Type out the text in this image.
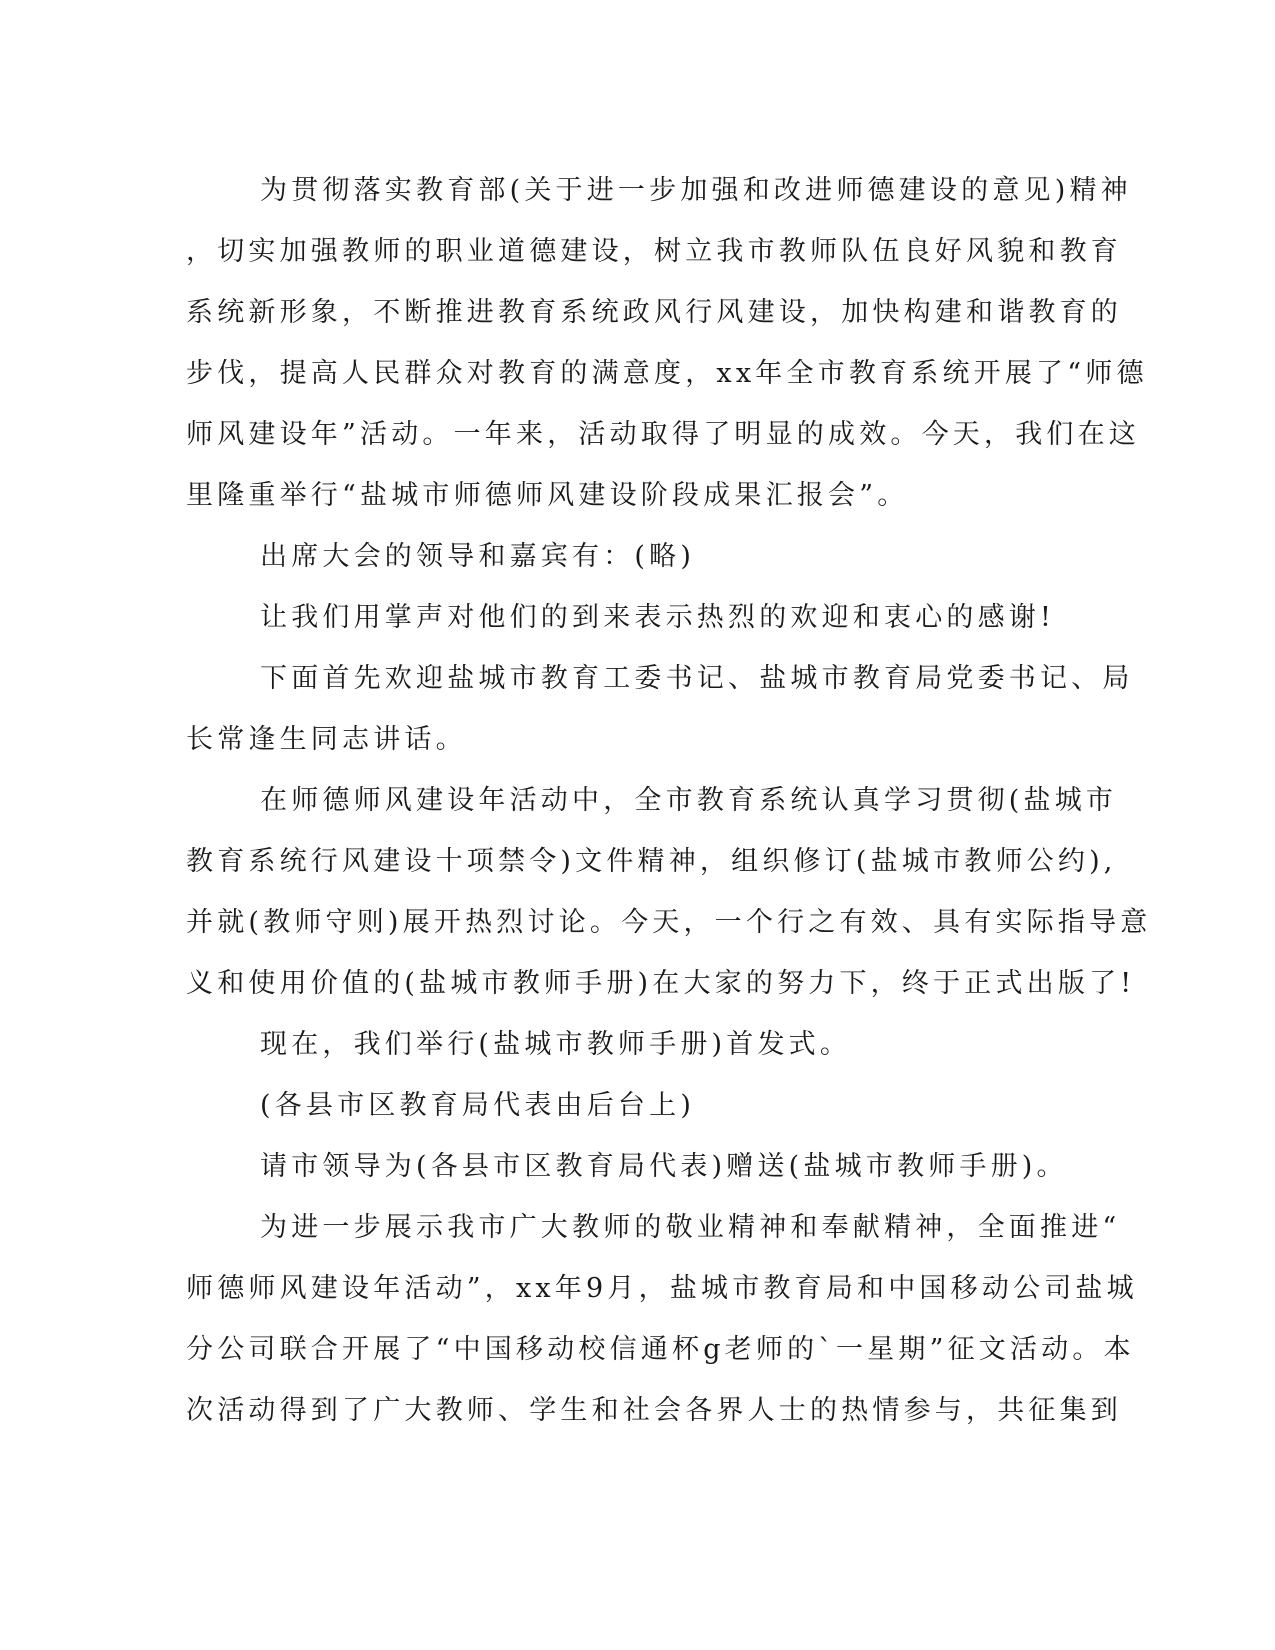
为贯彻落实教育部(关于进一步加强和改进师德建设的意见)精神
，切实加强教师的职业道德建设，树立我市教师队伍良好风貌和教育
系统新形象，不断推进教育系统政风行风建设，加快构建和谐教育的
步伐，提高人民群众对教育的满意度，xx年全市教育系统开展了“师德
师风建设年”活动。一年来，活动取得了明显的成效。今天，我们在这
里隆重举行“盐城市师德师风建设阶段成果汇报会”。
出席大会的领导和嘉宾有：(略)
让我们用掌声对他们的到来表示热烈的欢迎和衷心的感谢!
下面首先欢迎盐城市教育工委书记、盐城市教育局党委书记、局
长常逢生同志讲话。
在师德师风建设年活动中，全市教育系统认真学习贯彻(盐城市
教育系统行风建设十项禁令)文件精神，组织修订(盐城市教师公约),
并就(教师守则)展开热烈讨论。今天，一个行之有效、具有实际指导意
义和使用价值的(盐城市教师手册)在大家的努力下，终于正式出版了!
现在，我们举行(盐城市教师手册)首发式。
(各县市区教育局代表由后台上)
请市领导为(各县市区教育局代表)赠送(盐城市教师手册)。
为进一步展示我市广大教师的敬业精神和奉献精神，全面推进“
师德师风建设年活动”，xx年9月，盐城市教育局和中国移动公司盐城
分公司联合开展了“中国移动校信通杯g老师的`一星期”征文活动。本
次活动得到了广大教师、学生和社会各界人士的热情参与，共征集到
